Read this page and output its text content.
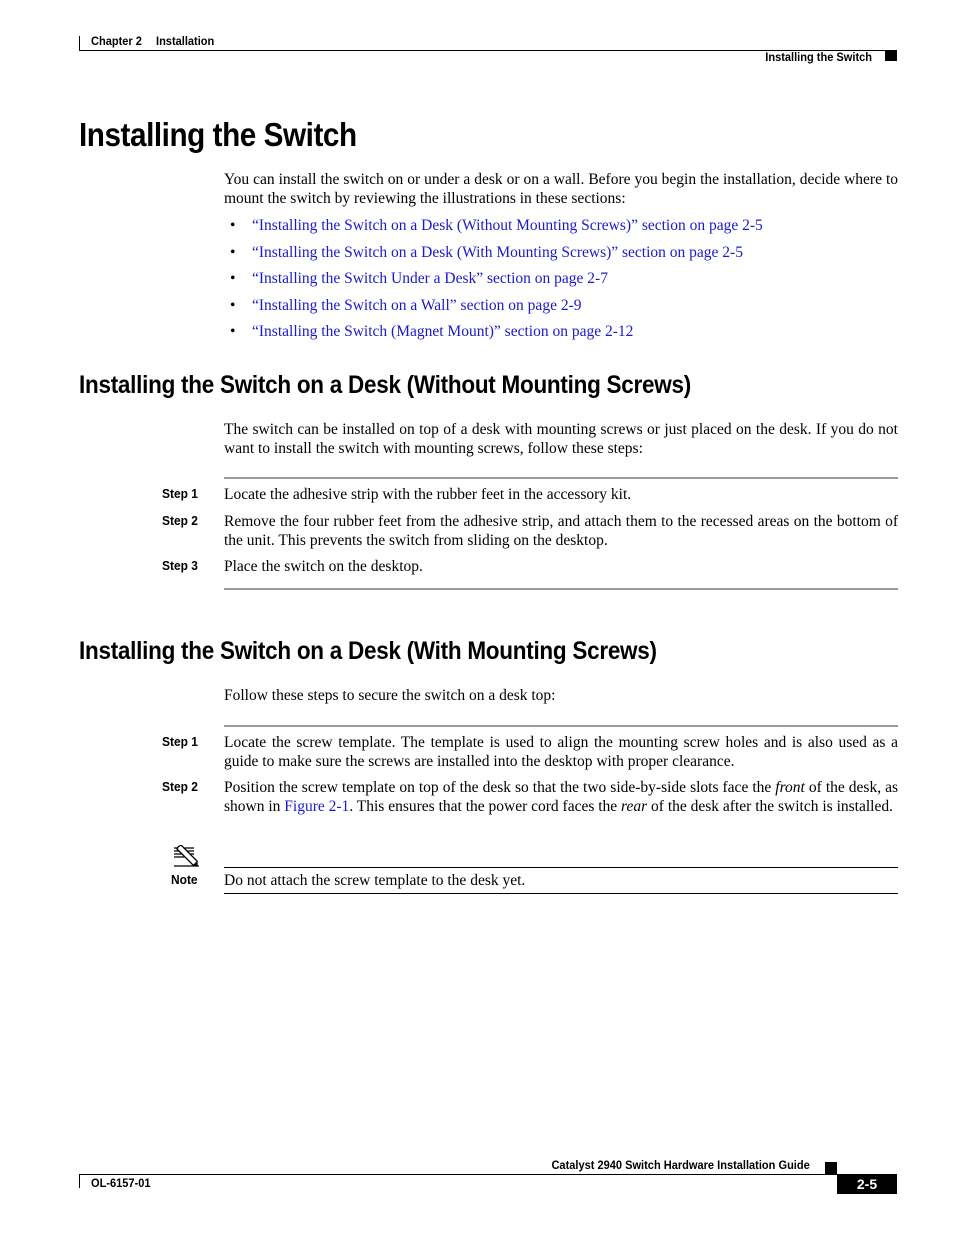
Chapter 2 Installation
Installing the Switch
Installing the Switch
You can install the switch on or under a desk or on a wall. Before you begin the installation, decide where to mount the switch by reviewing the illustrations in these sections:
• “Installing the Switch on a Desk (Without Mounting Screws)” section on page 2-5
• “Installing the Switch on a Desk (With Mounting Screws)” section on page 2-5
• “Installing the Switch Under a Desk” section on page 2-7
• “Installing the Switch on a Wall” section on page 2-9
• “Installing the Switch (Magnet Mount)” section on page 2-12
Installing the Switch on a Desk (Without Mounting Screws)
The switch can be installed on top of a desk with mounting screws or just placed on the desk. If you do not want to install the switch with mounting screws, follow these steps:
Step 1 Locate the adhesive strip with the rubber feet in the accessory kit.
Step 2 Remove the four rubber feet from the adhesive strip, and attach them to the recessed areas on the bottom of the unit. This prevents the switch from sliding on the desktop.
Step 3 Place the switch on the desktop.
Installing the Switch on a Desk (With Mounting Screws)
Follow these steps to secure the switch on a desk top:
Step 1 Locate the screw template. The template is used to align the mounting screw holes and is also used as a guide to make sure the screws are installed into the desktop with proper clearance.
Step 2 Position the screw template on top of the desk so that the two side-by-side slots face the front of the desk, as shown in Figure 2-1. This ensures that the power cord faces the rear of the desk after the switch is installed.
Note Do not attach the screw template to the desk yet.
Catalyst 2940 Switch Hardware Installation Guide
OL-6157-01	2-5
